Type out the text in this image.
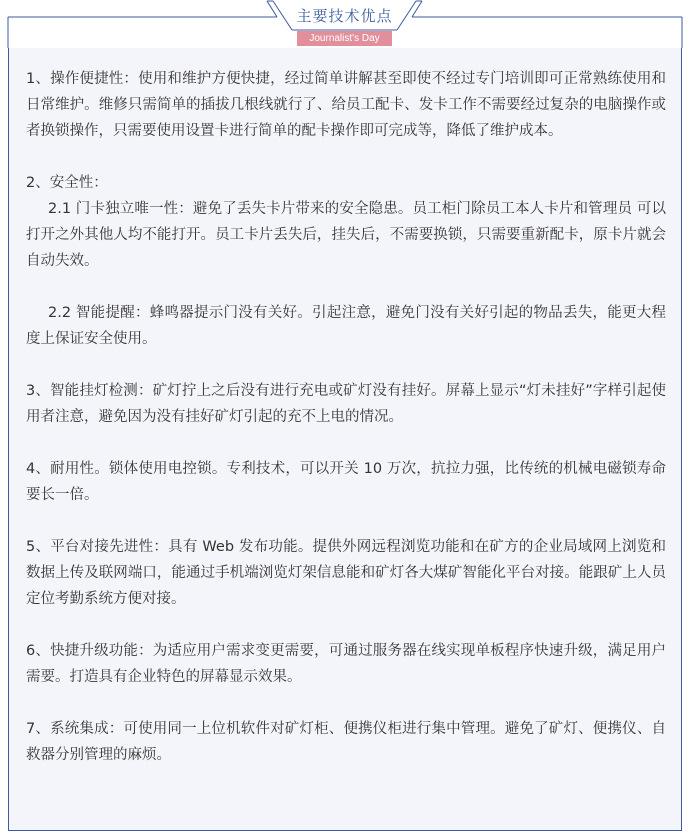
主要技术优点
Journalist's Day

1、操作便捷性：使用和维护方便快捷，经过简单讲解甚至即使不经过专门培训即可正常熟练使用和日常维护。维修只需简单的插拔几根线就行了、给员工配卡、发卡工作不需要经过复杂的电脑操作或者换锁操作，只需要使用设置卡进行简单的配卡操作即可完成等，降低了维护成本。

2、安全性：

2.1 门卡独立唯一性：避免了丢失卡片带来的安全隐患。员工柜门除员工本人卡片和管理员 可以打开之外其他人均不能打开。员工卡片丢失后，挂失后，不需要换锁，只需要重新配卡，原卡片就会自动失效。

2.2 智能提醒：蜂鸣器提示门没有关好。引起注意，避免门没有关好引起的物品丢失，能更大程度上保证安全使用。

3、智能挂灯检测：矿灯拧上之后没有进行充电或矿灯没有挂好。屏幕上显示“灯未挂好”字样引起使用者注意，避免因为没有挂好矿灯引起的充不上电的情况。

4、耐用性。锁体使用电控锁。专利技术，可以开关 10 万次，抗拉力强，比传统的机械电磁锁寿命要长一倍。

5、平台对接先进性：具有 Web 发布功能。提供外网远程浏览功能和在矿方的企业局域网上浏览和数据上传及联网端口，能通过手机端浏览灯架信息能和矿灯各大煤矿智能化平台对接。能跟矿上人员定位考勤系统方便对接。

6、快捷升级功能：为适应用户需求变更需要，可通过服务器在线实现单板程序快速升级，满足用户需要。打造具有企业特色的屏幕显示效果。

7、系统集成：可使用同一上位机软件对矿灯柜、便携仪柜进行集中管理。避免了矿灯、便携仪、自救器分别管理的麻烦。
